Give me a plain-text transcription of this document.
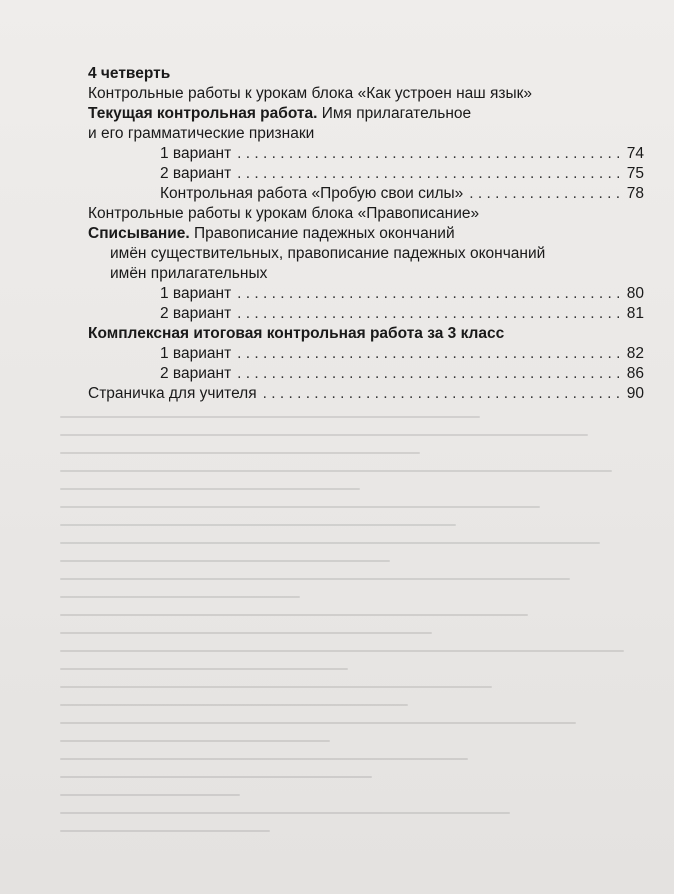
4 четверть
Контрольные работы к урокам блока «Как устроен наш язык»
Текущая контрольная работа. Имя прилагательное
и его грамматические признаки
1 вариант . . .	74
2 вариант . . .	75
Контрольная работа «Пробую свои силы» . . .	78
Контрольные работы к урокам блока «Правописание»
Списывание. Правописание падежных окончаний
имён существительных, правописание падежных окончаний
имён прилагательных
1 вариант . . .	80
2 вариант . . .	81
Комплексная итоговая контрольная работа за 3 класс
1 вариант . . .	82
2 вариант . . .	86
Страничка для учителя . . .	90
